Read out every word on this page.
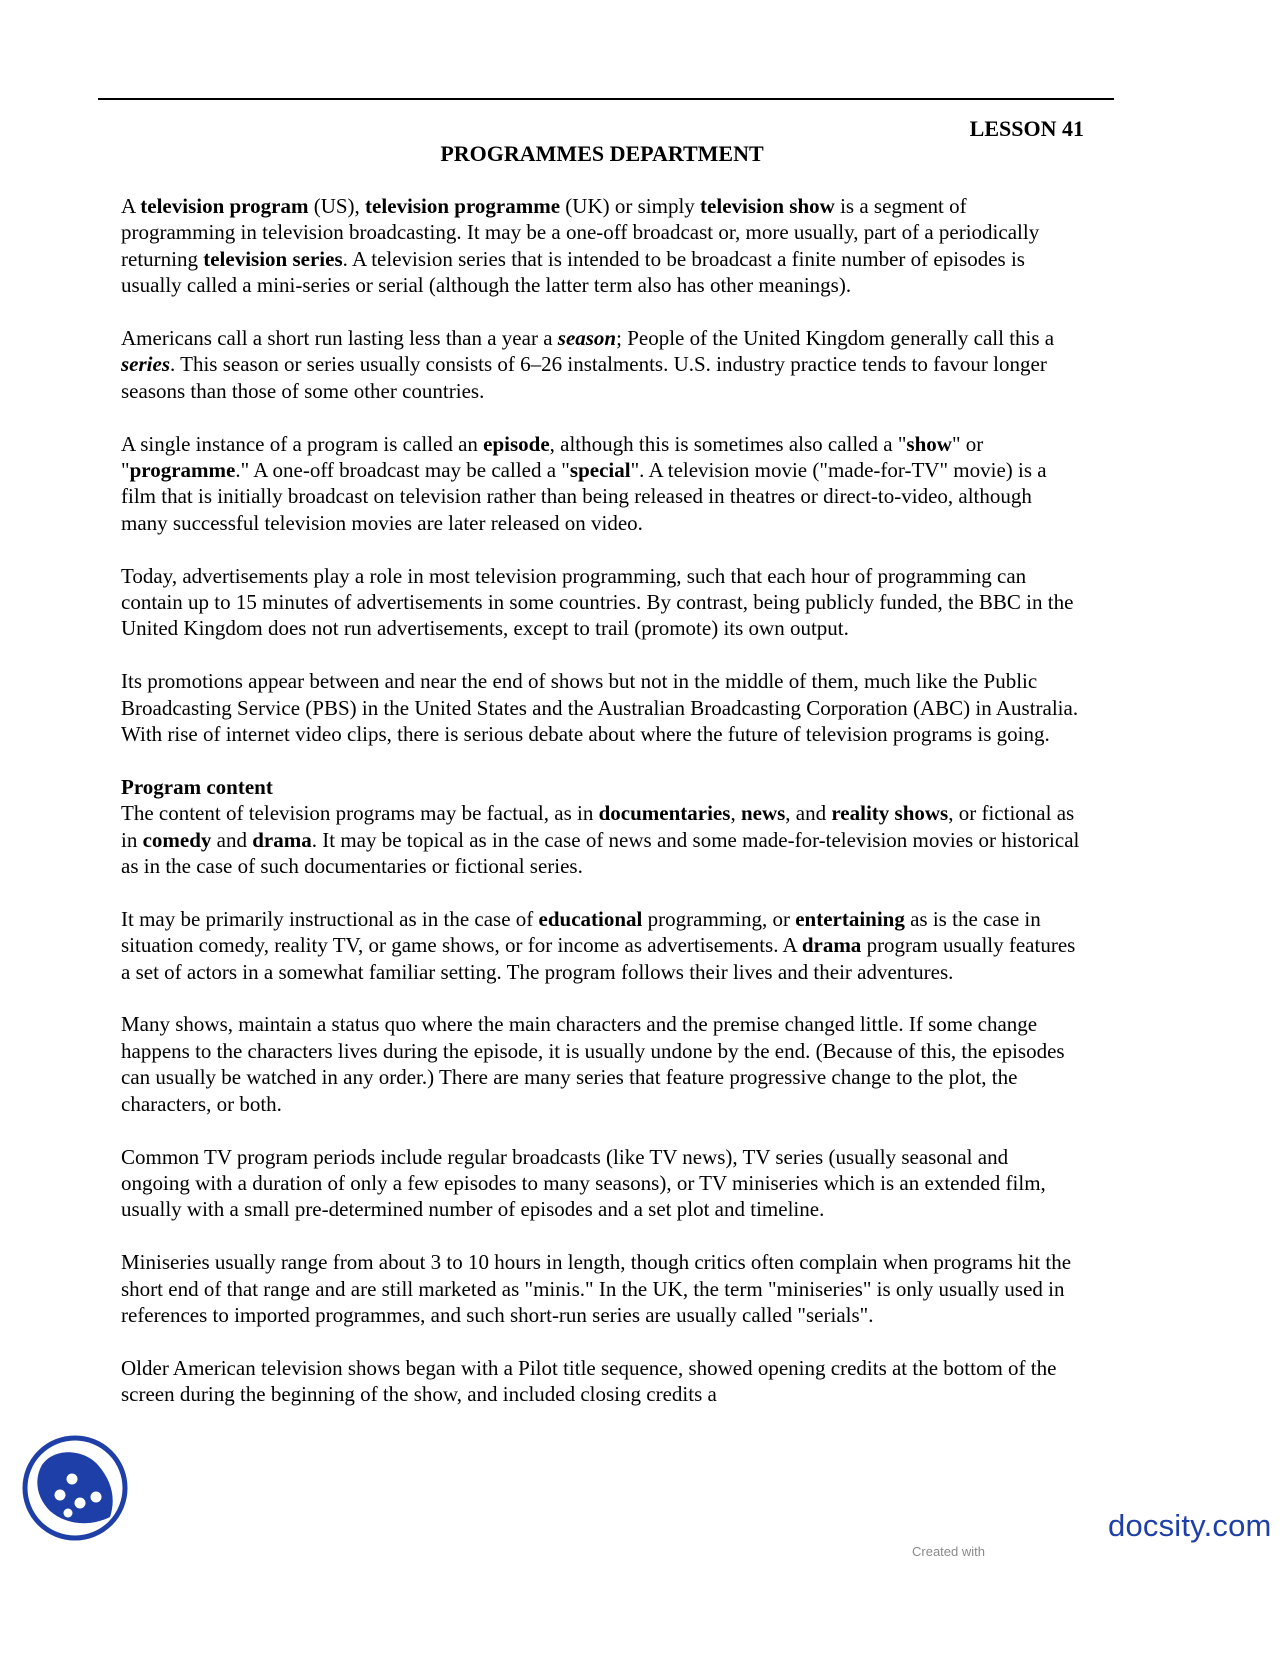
LESSON 41
PROGRAMMES DEPARTMENT

A television program (US), television programme (UK) or simply television show is a segment of programming in television broadcasting. It may be a one-off broadcast or, more usually, part of a periodically returning television series. A television series that is intended to be broadcast a finite number of episodes is usually called a mini-series or serial (although the latter term also has other meanings).

Americans call a short run lasting less than a year a season; People of the United Kingdom generally call this a series. This season or series usually consists of 6–26 instalments. U.S. industry practice tends to favour longer seasons than those of some other countries.

A single instance of a program is called an episode, although this is sometimes also called a "show" or "programme." A one-off broadcast may be called a "special". A television movie ("made-for-TV" movie) is a film that is initially broadcast on television rather than being released in theatres or direct-to-video, although many successful television movies are later released on video.

Today, advertisements play a role in most television programming, such that each hour of programming can contain up to 15 minutes of advertisements in some countries. By contrast, being publicly funded, the BBC in the United Kingdom does not run advertisements, except to trail (promote) its own output.

Its promotions appear between and near the end of shows but not in the middle of them, much like the Public Broadcasting Service (PBS) in the United States and the Australian Broadcasting Corporation (ABC) in Australia. With rise of internet video clips, there is serious debate about where the future of television programs is going.

Program content

The content of television programs may be factual, as in documentaries, news, and reality shows, or fictional as in comedy and drama. It may be topical as in the case of news and some made-for-television movies or historical as in the case of such documentaries or fictional series.

It may be primarily instructional as in the case of educational programming, or entertaining as is the case in situation comedy, reality TV, or game shows, or for income as advertisements. A drama program usually features a set of actors in a somewhat familiar setting. The program follows their lives and their adventures.

Many shows, maintain a status quo where the main characters and the premise changed little. If some change happens to the characters lives during the episode, it is usually undone by the end. (Because of this, the episodes can usually be watched in any order.) There are many series that feature progressive change to the plot, the characters, or both.

Common TV program periods include regular broadcasts (like TV news), TV series (usually seasonal and ongoing with a duration of only a few episodes to many seasons), or TV miniseries which is an extended film, usually with a small pre-determined number of episodes and a set plot and timeline.

Miniseries usually range from about 3 to 10 hours in length, though critics often complain when programs hit the short end of that range and are still marketed as "minis." In the UK, the term "miniseries" is only usually used in references to imported programmes, and such short-run series are usually called "serials".

Older American television shows began with a Pilot title sequence, showed opening credits at the bottom of the screen during the beginning of the show, and included closing credits a

docsity.com
Created with
